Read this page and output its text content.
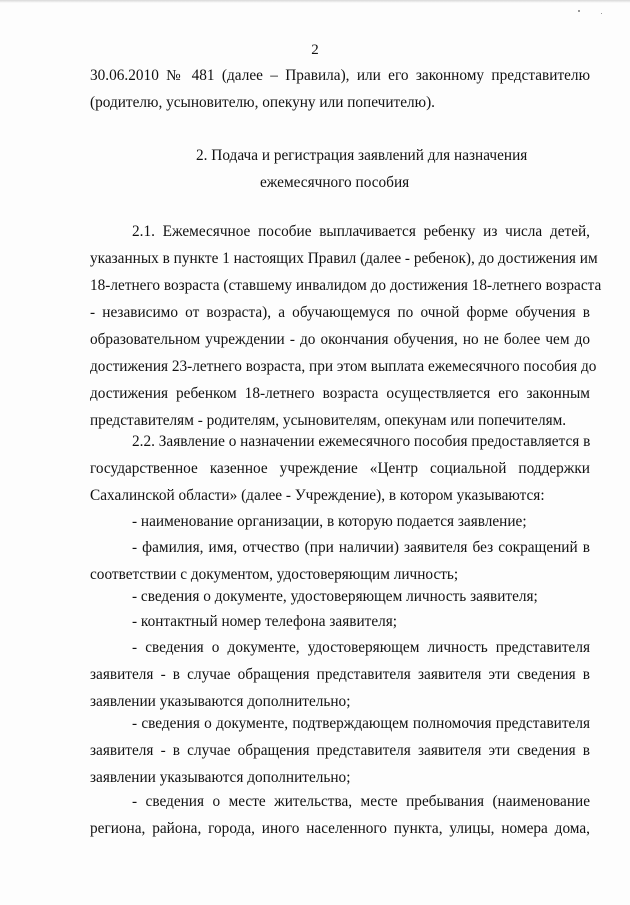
2
30.06.2010 № 481 (далее – Правила), или его законному представителю
(родителю, усыновителю, опекуну или попечителю).
2. Подача и регистрация заявлений для назначения
ежемесячного пособия
2.1. Ежемесячное пособие выплачивается ребенку из числа детей,
указанных в пункте 1 настоящих Правил (далее - ребенок), до достижения им
18-летнего возраста (ставшему инвалидом до достижения 18-летнего возраста
- независимо от возраста), а обучающемуся по очной форме обучения в
образовательном учреждении - до окончания обучения, но не более чем до
достижения 23-летнего возраста, при этом выплата ежемесячного пособия до
достижения ребенком 18-летнего возраста осуществляется его законным
представителям - родителям, усыновителям, опекунам или попечителям.
2.2. Заявление о назначении ежемесячного пособия предоставляется в
государственное казенное учреждение «Центр социальной поддержки
Сахалинской области» (далее - Учреждение), в котором указываются:
- наименование организации, в которую подается заявление;
- фамилия, имя, отчество (при наличии) заявителя без сокращений в
соответствии с документом, удостоверяющим личность;
- сведения о документе, удостоверяющем личность заявителя;
- контактный номер телефона заявителя;
- сведения о документе, удостоверяющем личность представителя
заявителя - в случае обращения представителя заявителя эти сведения в
заявлении указываются дополнительно;
- сведения о документе, подтверждающем полномочия представителя
заявителя - в случае обращения представителя заявителя эти сведения в
заявлении указываются дополнительно;
- сведения о месте жительства, месте пребывания (наименование
региона, района, города, иного населенного пункта, улицы, номера дома,
